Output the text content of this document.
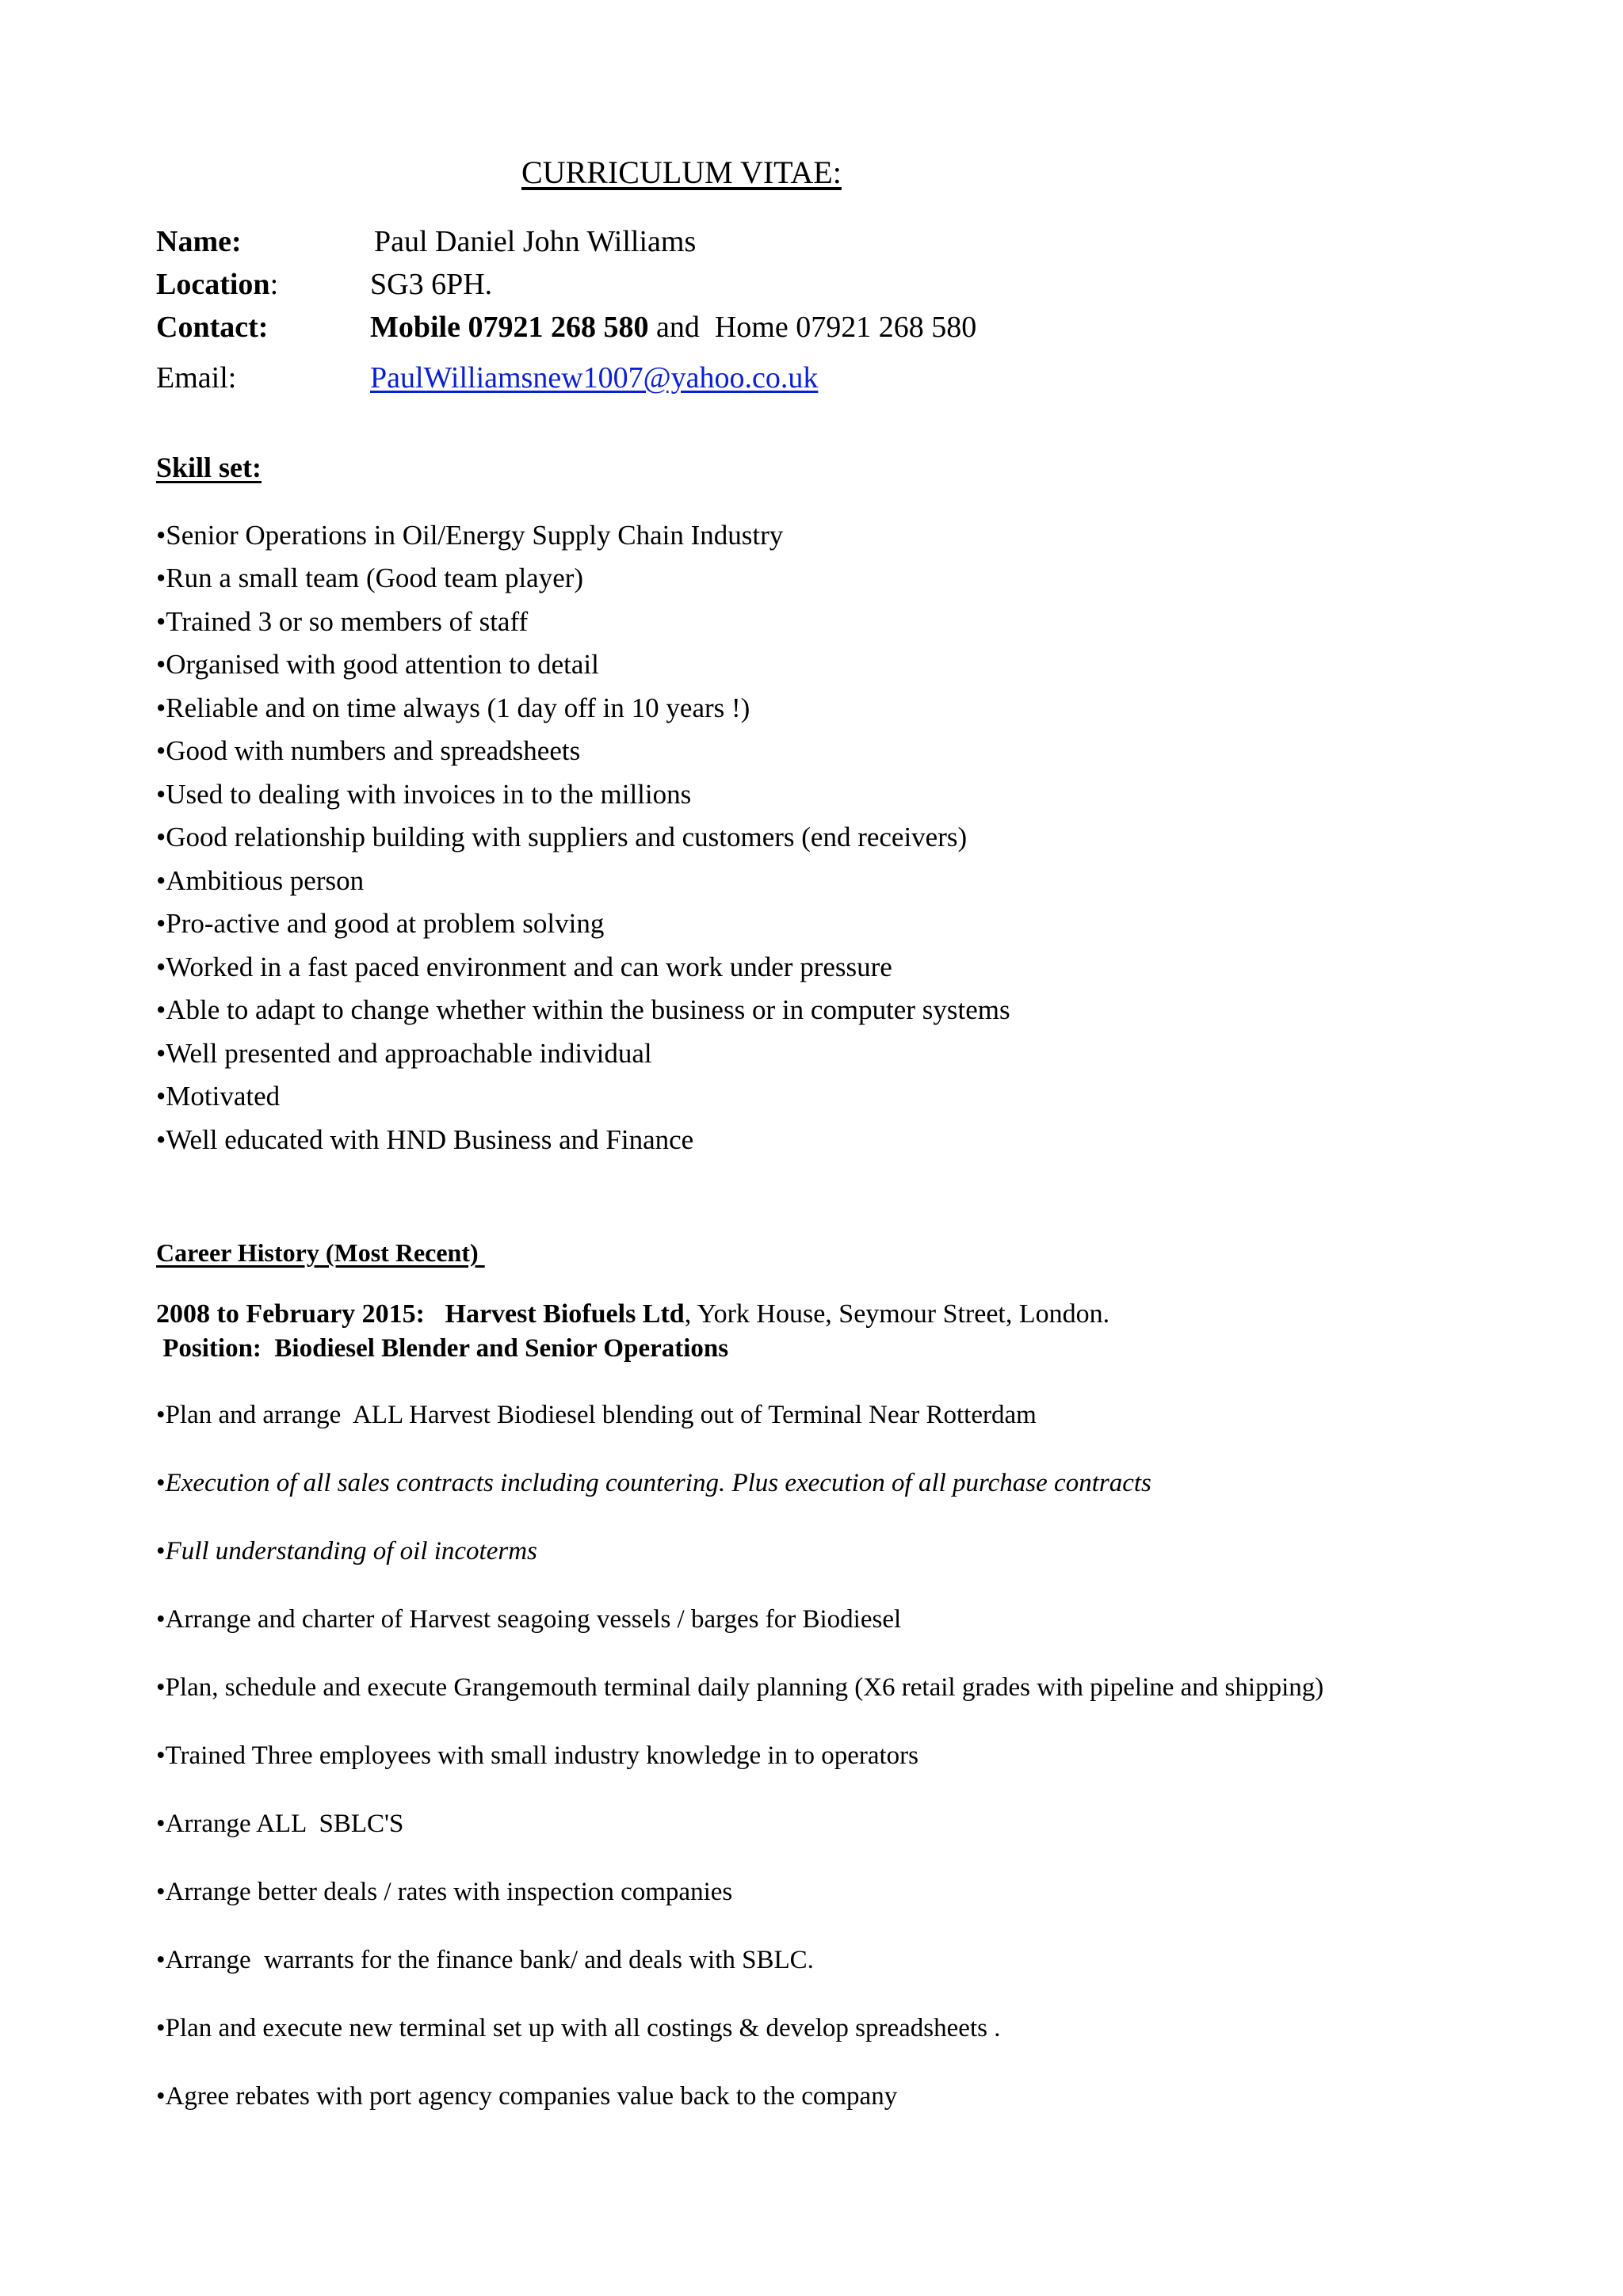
CURRICULUM VITAE:
Name:	Paul Daniel John Williams
Location:	SG3 6PH.
Contact:	Mobile 07921 268 580 and  Home 07921 268 580
Email:	PaulWilliamsnew1007@yahoo.co.uk
Skill set:
•Senior Operations in Oil/Energy Supply Chain Industry
•Run a small team (Good team player)
•Trained 3 or so members of staff
•Organised with good attention to detail
•Reliable and on time always (1 day off in 10 years !)
•Good with numbers and spreadsheets
•Used to dealing with invoices in to the millions
•Good relationship building with suppliers and customers (end receivers)
•Ambitious person
•Pro-active and good at problem solving
•Worked in a fast paced environment and can work under pressure
•Able to adapt to change whether within the business or in computer systems
•Well presented and approachable individual
•Motivated
•Well educated with HND Business and Finance
Career History (Most Recent)
2008 to February 2015:   Harvest Biofuels Ltd, York House, Seymour Street, London.
Position:  Biodiesel Blender and Senior Operations
•Plan and arrange  ALL Harvest Biodiesel blending out of Terminal Near Rotterdam
•Execution of all sales contracts including countering. Plus execution of all purchase contracts
•Full understanding of oil incoterms
•Arrange and charter of Harvest seagoing vessels / barges for Biodiesel
•Plan, schedule and execute Grangemouth terminal daily planning (X6 retail grades with pipeline and shipping)
•Trained Three employees with small industry knowledge in to operators
•Arrange ALL  SBLC'S
•Arrange better deals / rates with inspection companies
•Arrange  warrants for the finance bank/ and deals with SBLC.
•Plan and execute new terminal set up with all costings & develop spreadsheets .
•Agree rebates with port agency companies value back to the company
